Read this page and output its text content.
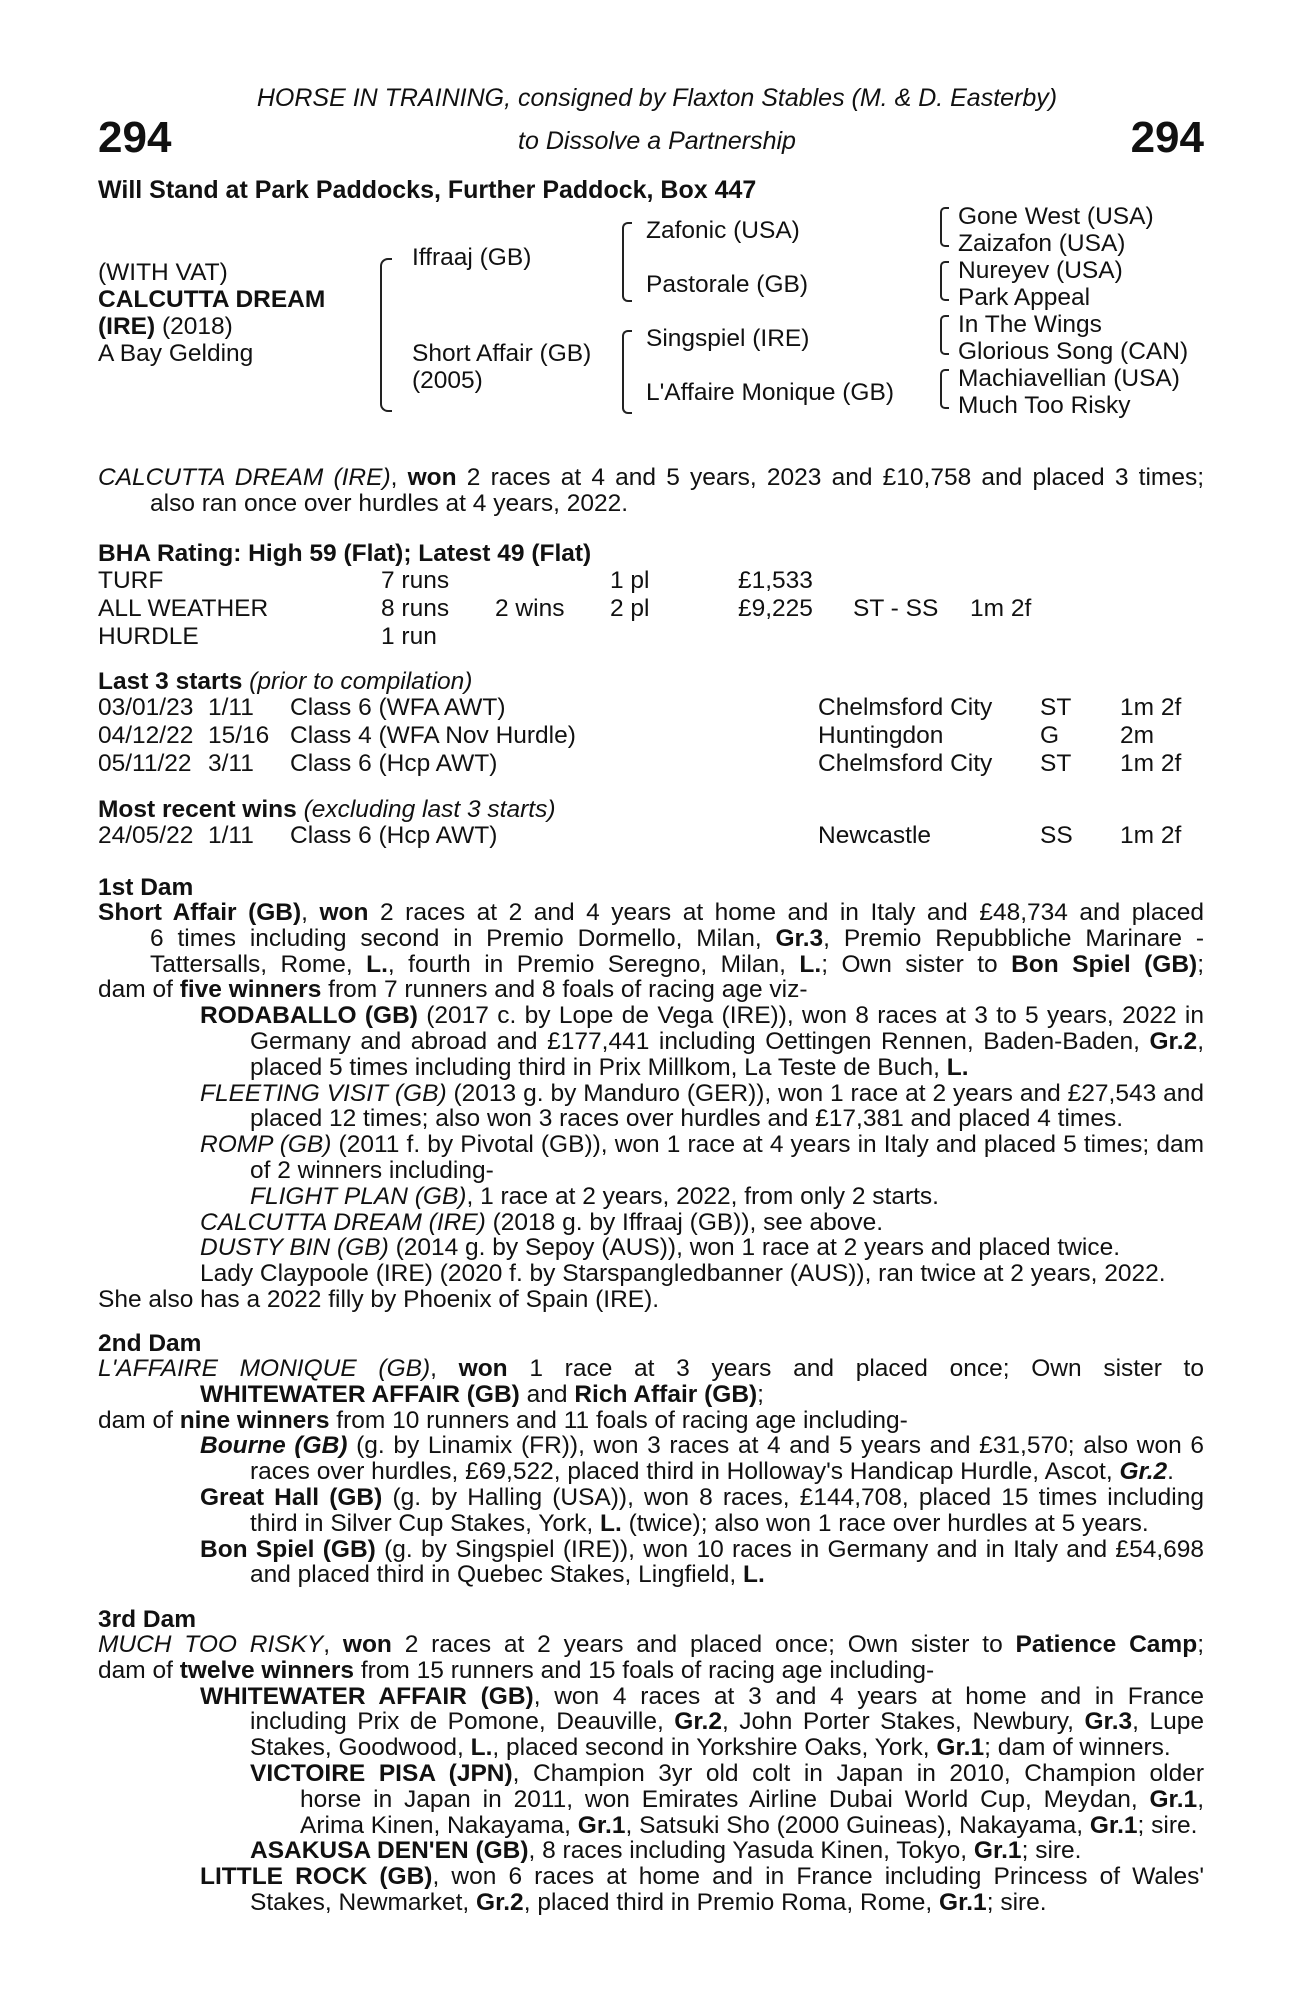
HORSE IN TRAINING, consigned by Flaxton Stables (M. & D. Easterby)
to Dissolve a Partnership
294	294
Will Stand at Park Paddocks, Further Paddock, Box 447
(WITH VAT)
CALCUTTA DREAM
(IRE) (2018)
A Bay Gelding
Iffraaj (GB)
Short Affair (GB)
(2005)
Zafonic (USA)
Pastorale (GB)
Singspiel (IRE)
L'Affaire Monique (GB)
Gone West (USA)
Zaizafon (USA)
Nureyev (USA)
Park Appeal
In The Wings
Glorious Song (CAN)
Machiavellian (USA)
Much Too Risky
CALCUTTA DREAM (IRE), won 2 races at 4 and 5 years, 2023 and £10,758 and placed 3 times;
also ran once over hurdles at 4 years, 2022.
BHA Rating: High 59 (Flat); Latest 49 (Flat)
TURF	7 runs		1 pl	£1,533		
ALL WEATHER	8 runs	2 wins	2 pl	£9,225	ST - SS	1m 2f
HURDLE	1 run					
Last 3 starts (prior to compilation)
03/01/23	1/11	Class 6 (WFA AWT)	Chelmsford City	ST	1m 2f
04/12/22	15/16	Class 4 (WFA Nov Hurdle)	Huntingdon	G	2m
05/11/22	3/11	Class 6 (Hcp AWT)	Chelmsford City	ST	1m 2f
Most recent wins (excluding last 3 starts)
24/05/22	1/11	Class 6 (Hcp AWT)	Newcastle	SS	1m 2f
1st Dam
Short Affair (GB), won 2 races at 2 and 4 years at home and in Italy and £48,734 and placed
6 times including second in Premio Dormello, Milan, Gr.3, Premio Repubbliche Marinare -
Tattersalls, Rome, L., fourth in Premio Seregno, Milan, L.; Own sister to Bon Spiel (GB);
dam of five winners from 7 runners and 8 foals of racing age viz-
RODABALLO (GB) (2017 c. by Lope de Vega (IRE)), won 8 races at 3 to 5 years, 2022 in
Germany and abroad and £177,441 including Oettingen Rennen, Baden-Baden, Gr.2,
placed 5 times including third in Prix Millkom, La Teste de Buch, L.
FLEETING VISIT (GB) (2013 g. by Manduro (GER)), won 1 race at 2 years and £27,543 and
placed 12 times; also won 3 races over hurdles and £17,381 and placed 4 times.
ROMP (GB) (2011 f. by Pivotal (GB)), won 1 race at 4 years in Italy and placed 5 times; dam
of 2 winners including-
FLIGHT PLAN (GB), 1 race at 2 years, 2022, from only 2 starts.
CALCUTTA DREAM (IRE) (2018 g. by Iffraaj (GB)), see above.
DUSTY BIN (GB) (2014 g. by Sepoy (AUS)), won 1 race at 2 years and placed twice.
Lady Claypoole (IRE) (2020 f. by Starspangledbanner (AUS)), ran twice at 2 years, 2022.
She also has a 2022 filly by Phoenix of Spain (IRE).
2nd Dam
L'AFFAIRE MONIQUE (GB), won 1 race at 3 years and placed once; Own sister to
WHITEWATER AFFAIR (GB) and Rich Affair (GB);
dam of nine winners from 10 runners and 11 foals of racing age including-
Bourne (GB) (g. by Linamix (FR)), won 3 races at 4 and 5 years and £31,570; also won 6
races over hurdles, £69,522, placed third in Holloway's Handicap Hurdle, Ascot, Gr.2.
Great Hall (GB) (g. by Halling (USA)), won 8 races, £144,708, placed 15 times including
third in Silver Cup Stakes, York, L. (twice); also won 1 race over hurdles at 5 years.
Bon Spiel (GB) (g. by Singspiel (IRE)), won 10 races in Germany and in Italy and £54,698
and placed third in Quebec Stakes, Lingfield, L.
3rd Dam
MUCH TOO RISKY, won 2 races at 2 years and placed once; Own sister to Patience Camp;
dam of twelve winners from 15 runners and 15 foals of racing age including-
WHITEWATER AFFAIR (GB), won 4 races at 3 and 4 years at home and in France
including Prix de Pomone, Deauville, Gr.2, John Porter Stakes, Newbury, Gr.3, Lupe
Stakes, Goodwood, L., placed second in Yorkshire Oaks, York, Gr.1; dam of winners.
VICTOIRE PISA (JPN), Champion 3yr old colt in Japan in 2010, Champion older
horse in Japan in 2011, won Emirates Airline Dubai World Cup, Meydan, Gr.1,
Arima Kinen, Nakayama, Gr.1, Satsuki Sho (2000 Guineas), Nakayama, Gr.1; sire.
ASAKUSA DEN'EN (GB), 8 races including Yasuda Kinen, Tokyo, Gr.1; sire.
LITTLE ROCK (GB), won 6 races at home and in France including Princess of Wales'
Stakes, Newmarket, Gr.2, placed third in Premio Roma, Rome, Gr.1; sire.
